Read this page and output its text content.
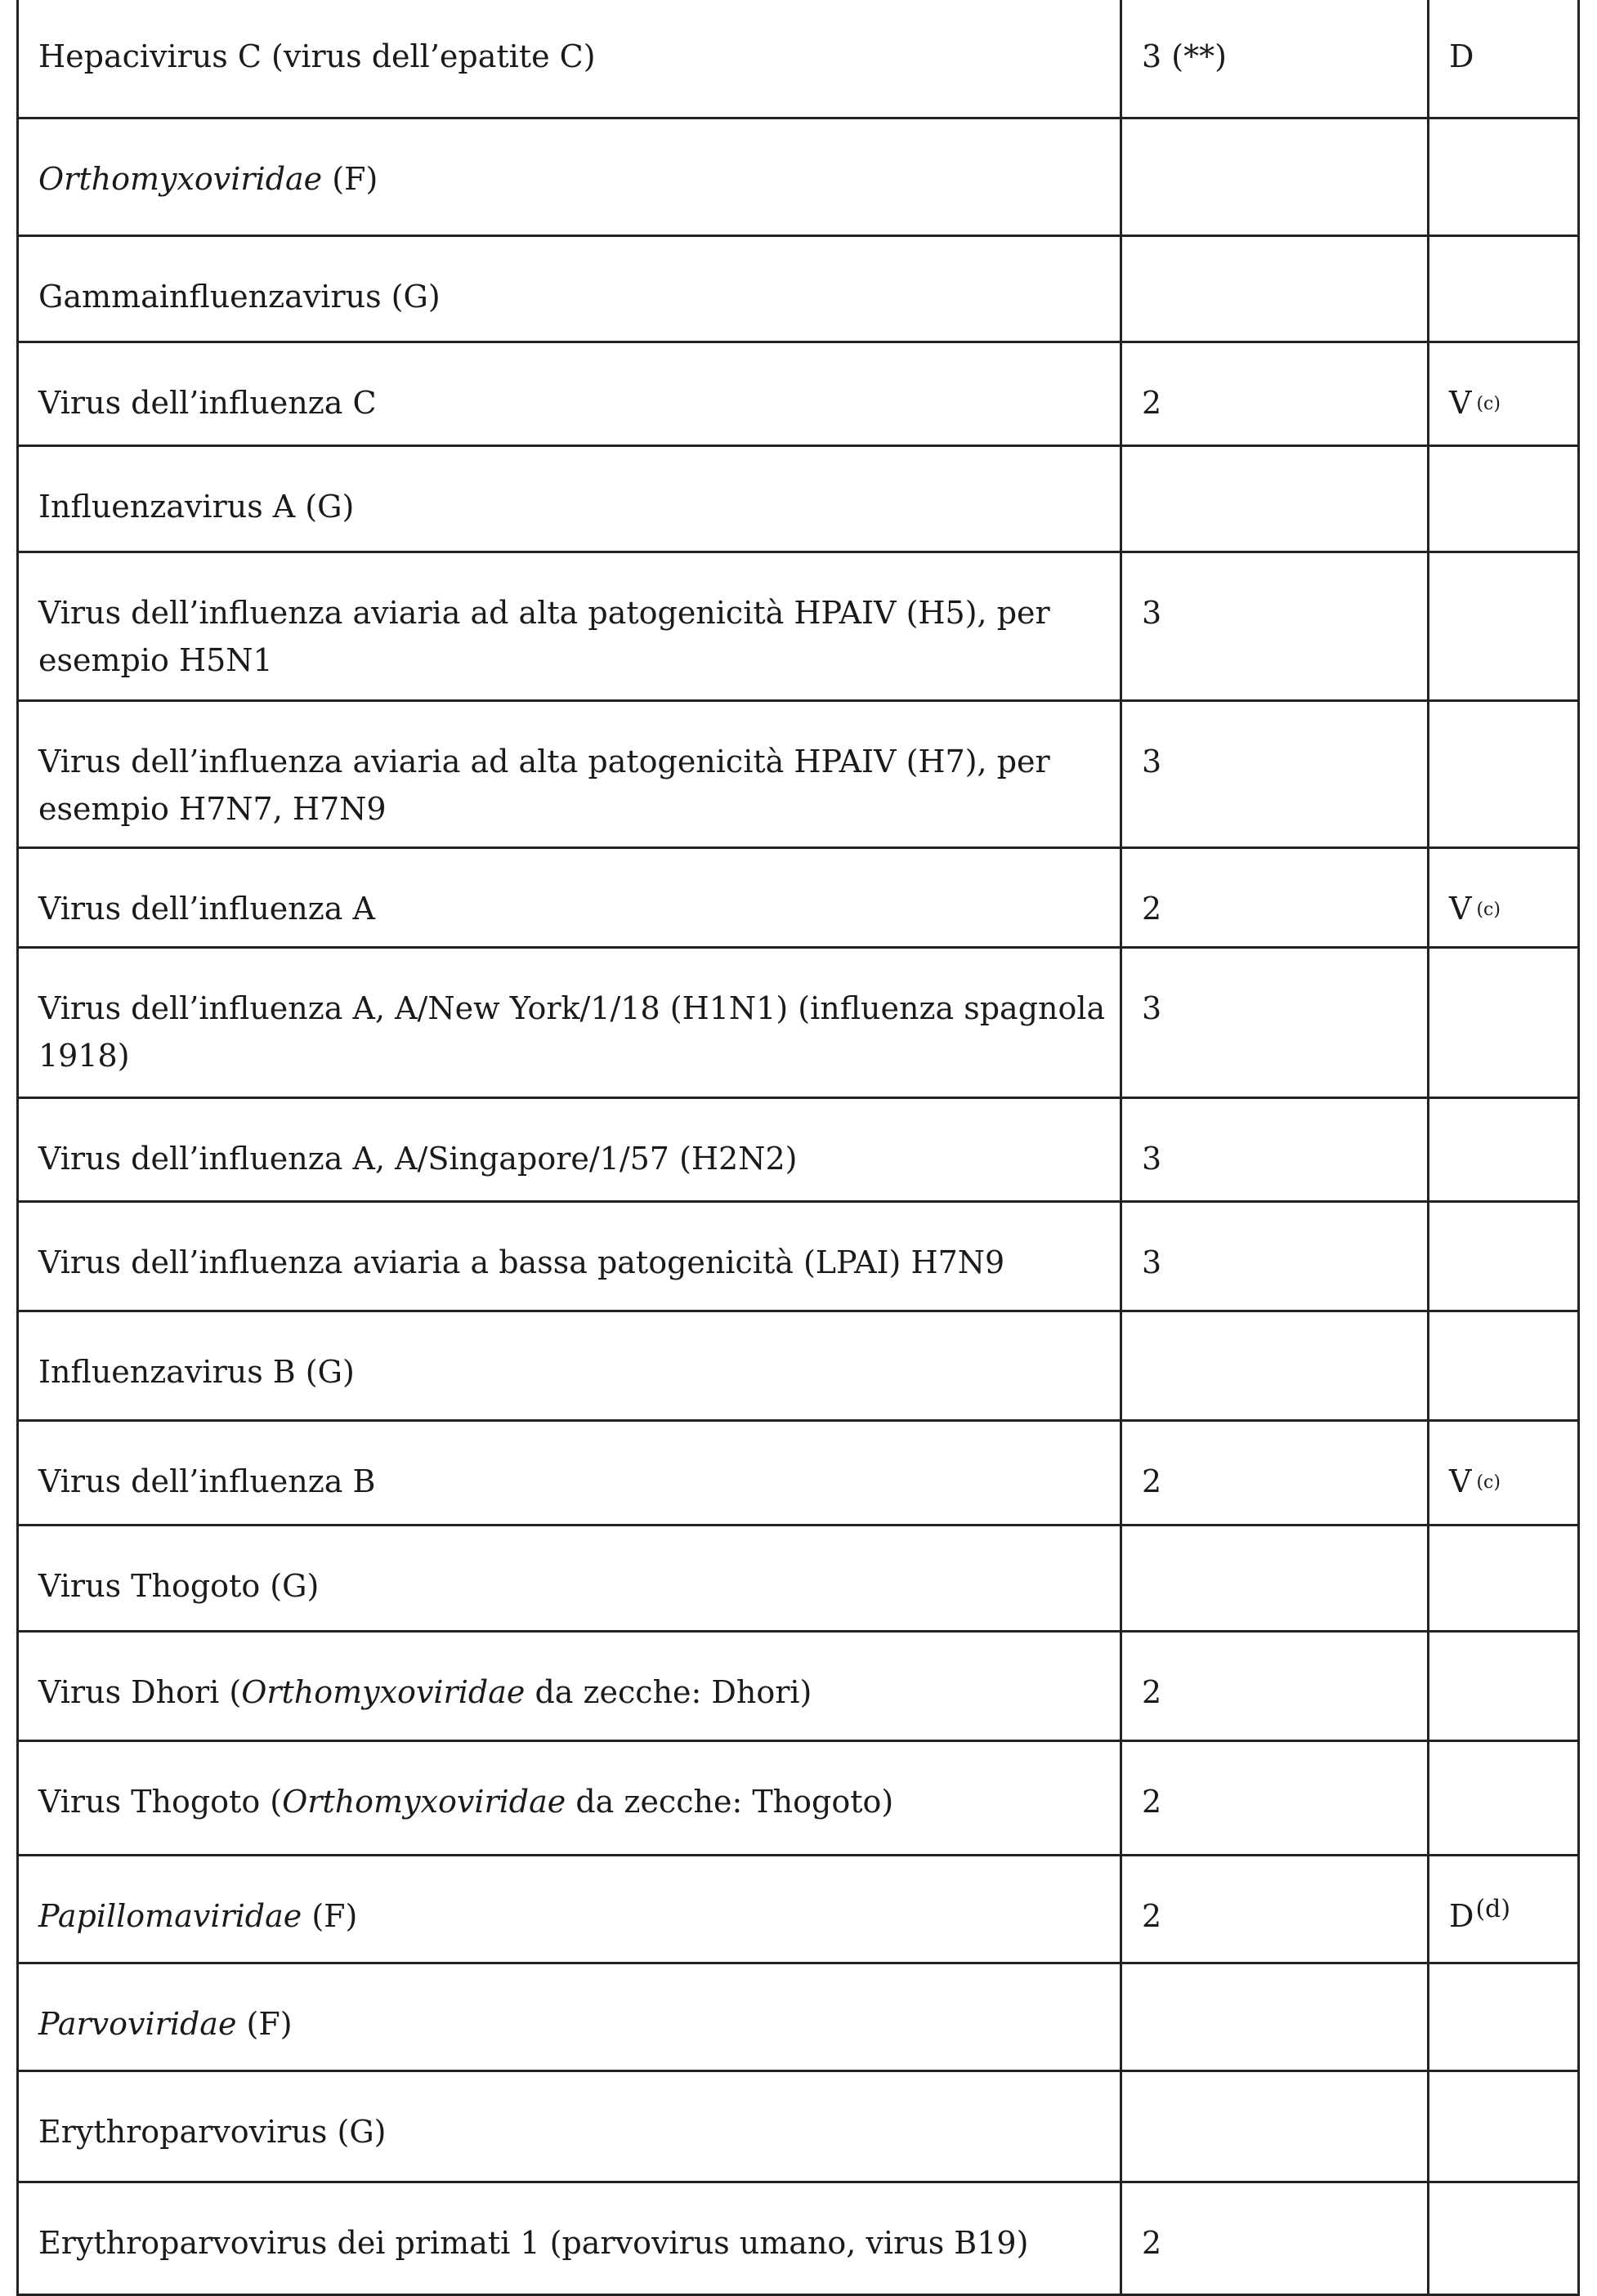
Hepacivirus C (virus dell’epatite C)	3 (**)	D
Orthomyxoviridae (F)		
Gammainfluenzavirus (G)		
Virus dell’influenza C	2	V (c)
Influenzavirus A (G)		
Virus dell’influenza aviaria ad alta patogenicità HPAIV (H5), per esempio H5N1	3	
Virus dell’influenza aviaria ad alta patogenicità HPAIV (H7), per esempio H7N7, H7N9	3	
Virus dell’influenza A	2	V (c)
Virus dell’influenza A, A/New York/1/18 (H1N1) (influenza spagnola 1918)	3	
Virus dell’influenza A, A/Singapore/1/57 (H2N2)	3	
Virus dell’influenza aviaria a bassa patogenicità (LPAI) H7N9	3	
Influenzavirus B (G)		
Virus dell’influenza B	2	V (c)
Virus Thogoto (G)		
Virus Dhori (Orthomyxoviridae da zecche: Dhori)	2	
Virus Thogoto (Orthomyxoviridae da zecche: Thogoto)	2	
Papillomaviridae (F)	2	D(d)
Parvoviridae (F)		
Erythroparvovirus (G)		
Erythroparvovirus dei primati 1 (parvovirus umano, virus B19)	2	
